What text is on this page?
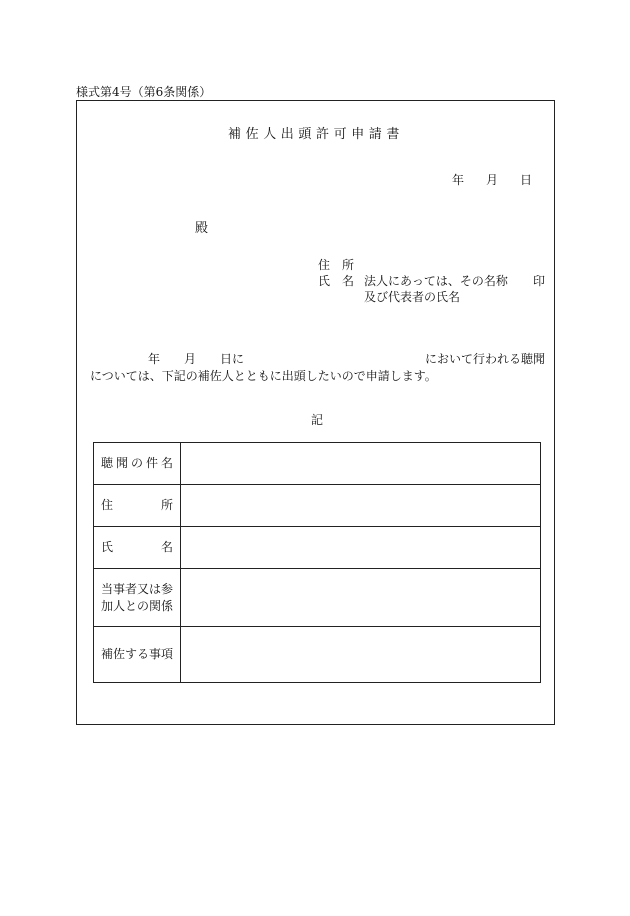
様式第4号（第6条関係）
補佐人出頭許可申請書
年 月 日
殿
住 所
氏 名 法人にあっては、その名称 印
及び代表者の氏名
年 月 日に	において行われる聴聞
については、下記の補佐人とともに出頭したいので申請します。
記
聴 聞 の 件 名	

住 所	

氏 名	

当事者又は参
加人との関係	

補佐する事項	
